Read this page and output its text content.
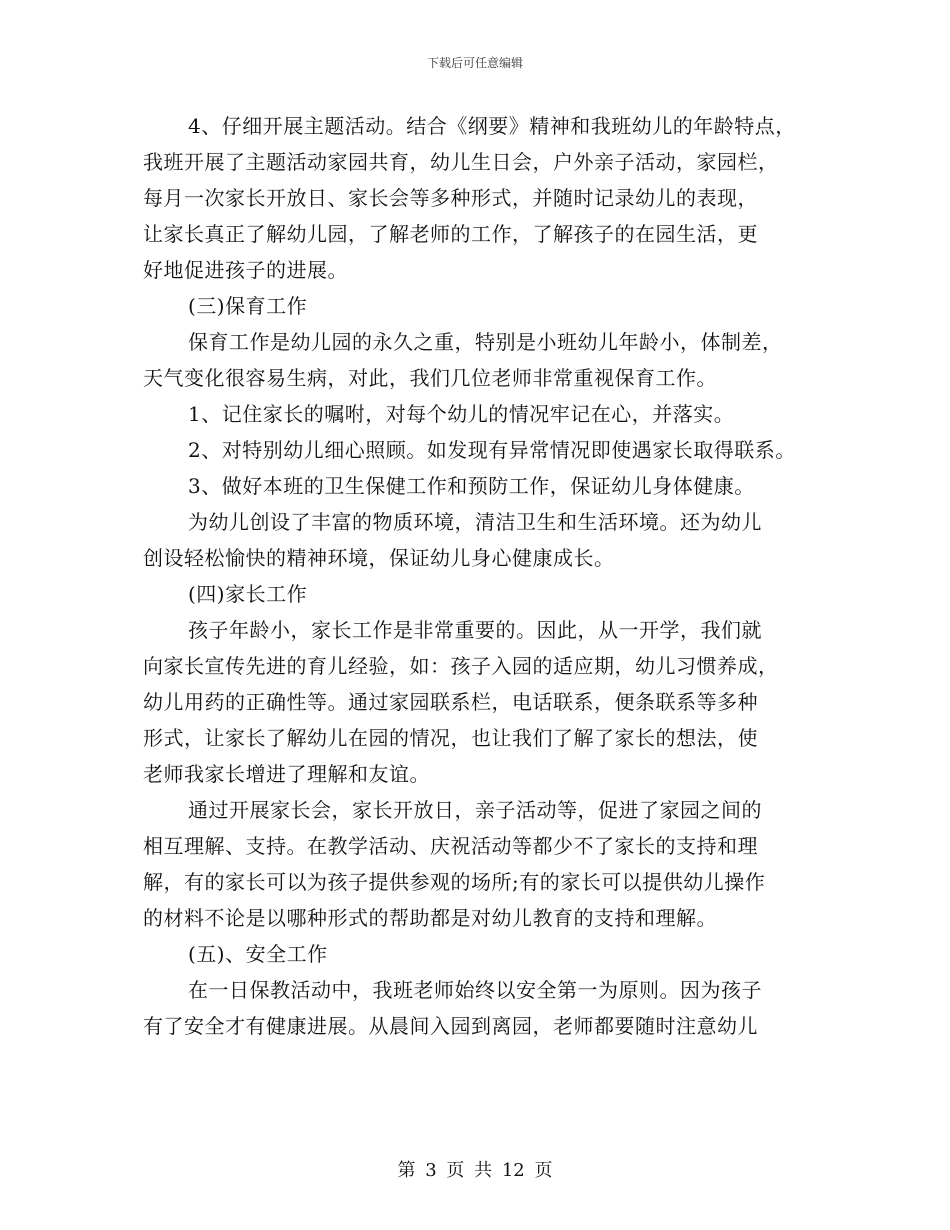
下载后可任意编辑
4、仔细开展主题活动。结合《纲要》精神和我班幼儿的年龄特点，
我班开展了主题活动家园共育，幼儿生日会，户外亲子活动，家园栏，
每月一次家长开放日、家长会等多种形式，并随时记录幼儿的表现，
让家长真正了解幼儿园，了解老师的工作，了解孩子的在园生活，更
好地促进孩子的进展。
(三)保育工作
保育工作是幼儿园的永久之重，特别是小班幼儿年龄小，体制差，
天气变化很容易生病，对此，我们几位老师非常重视保育工作。
1、记住家长的嘱咐，对每个幼儿的情况牢记在心，并落实。
2、对特别幼儿细心照顾。如发现有异常情况即使遇家长取得联系。
3、做好本班的卫生保健工作和预防工作，保证幼儿身体健康。
为幼儿创设了丰富的物质环境，清洁卫生和生活环境。还为幼儿
创设轻松愉快的精神环境，保证幼儿身心健康成长。
(四)家长工作
孩子年龄小，家长工作是非常重要的。因此，从一开学，我们就
向家长宣传先进的育儿经验，如：孩子入园的适应期，幼儿习惯养成，
幼儿用药的正确性等。通过家园联系栏，电话联系，便条联系等多种
形式，让家长了解幼儿在园的情况，也让我们了解了家长的想法，使
老师我家长增进了理解和友谊。
通过开展家长会，家长开放日，亲子活动等，促进了家园之间的
相互理解、支持。在教学活动、庆祝活动等都少不了家长的支持和理
解，有的家长可以为孩子提供参观的场所;有的家长可以提供幼儿操作
的材料不论是以哪种形式的帮助都是对幼儿教育的支持和理解。
(五)、安全工作
在一日保教活动中，我班老师始终以安全第一为原则。因为孩子
有了安全才有健康进展。从晨间入园到离园，老师都要随时注意幼儿
第 3 页 共 12 页
